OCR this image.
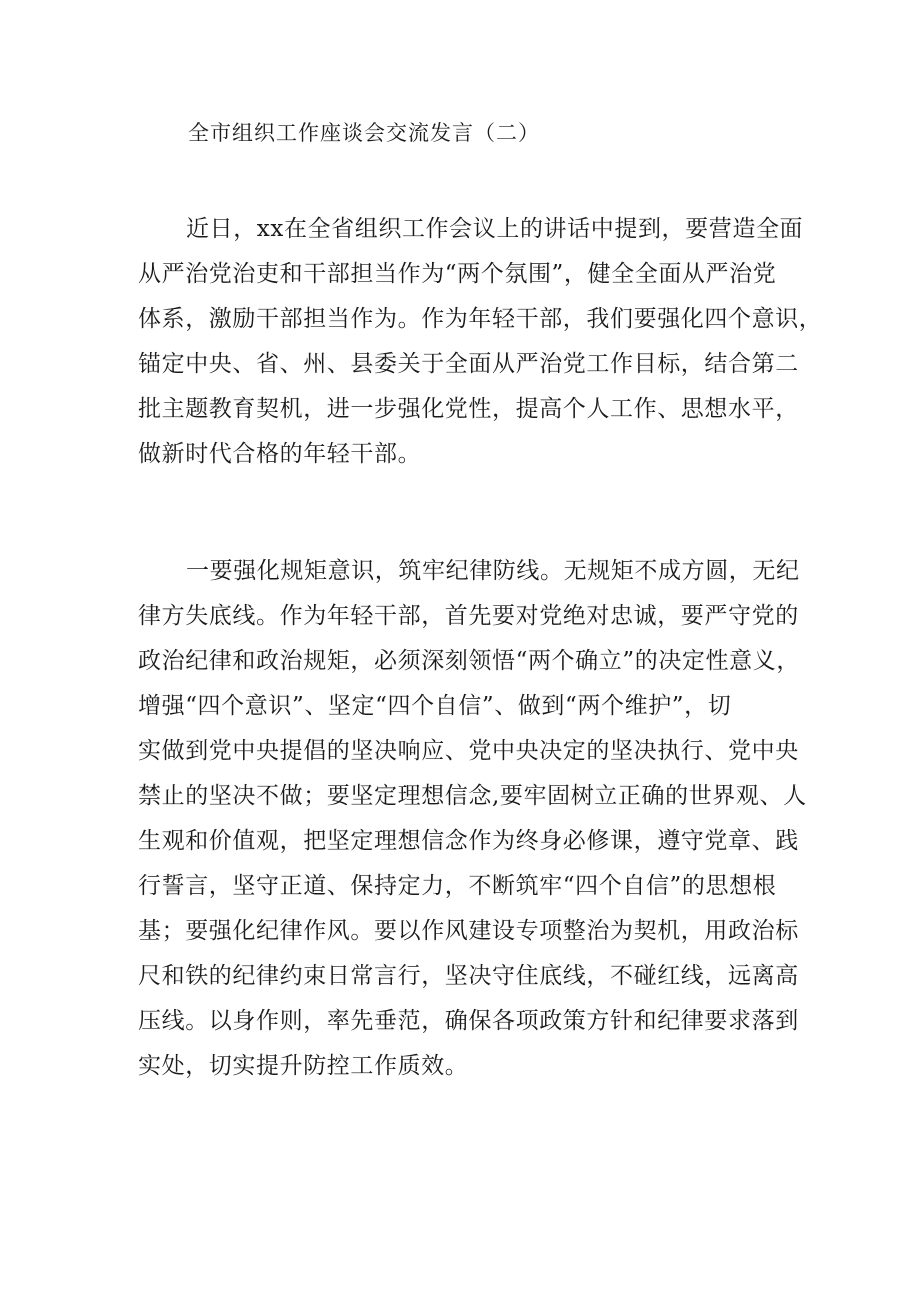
全市组织工作座谈会交流发言（二）
近日，xx在全省组织工作会议上的讲话中提到，要营造全面
从严治党治吏和干部担当作为“两个氛围”，健全全面从严治党
体系，激励干部担当作为。作为年轻干部，我们要强化四个意识，
锚定中央、省、州、县委关于全面从严治党工作目标，结合第二
批主题教育契机，进一步强化党性，提高个人工作、思想水平，
做新时代合格的年轻干部。
一要强化规矩意识，筑牢纪律防线。无规矩不成方圆，无纪
律方失底线。作为年轻干部，首先要对党绝对忠诚，要严守党的
政治纪律和政治规矩，必须深刻领悟“两个确立”的决定性意义，
增强“四个意识”、坚定“四个自信”、做到“两个维护”，切
实做到党中央提倡的坚决响应、党中央决定的坚决执行、党中央
禁止的坚决不做；要坚定理想信念,要牢固树立正确的世界观、人
生观和价值观，把坚定理想信念作为终身必修课，遵守党章、践
行誓言，坚守正道、保持定力，不断筑牢“四个自信”的思想根
基；要强化纪律作风。要以作风建设专项整治为契机，用政治标
尺和铁的纪律约束日常言行，坚决守住底线，不碰红线，远离高
压线。以身作则，率先垂范，确保各项政策方针和纪律要求落到
实处，切实提升防控工作质效。
